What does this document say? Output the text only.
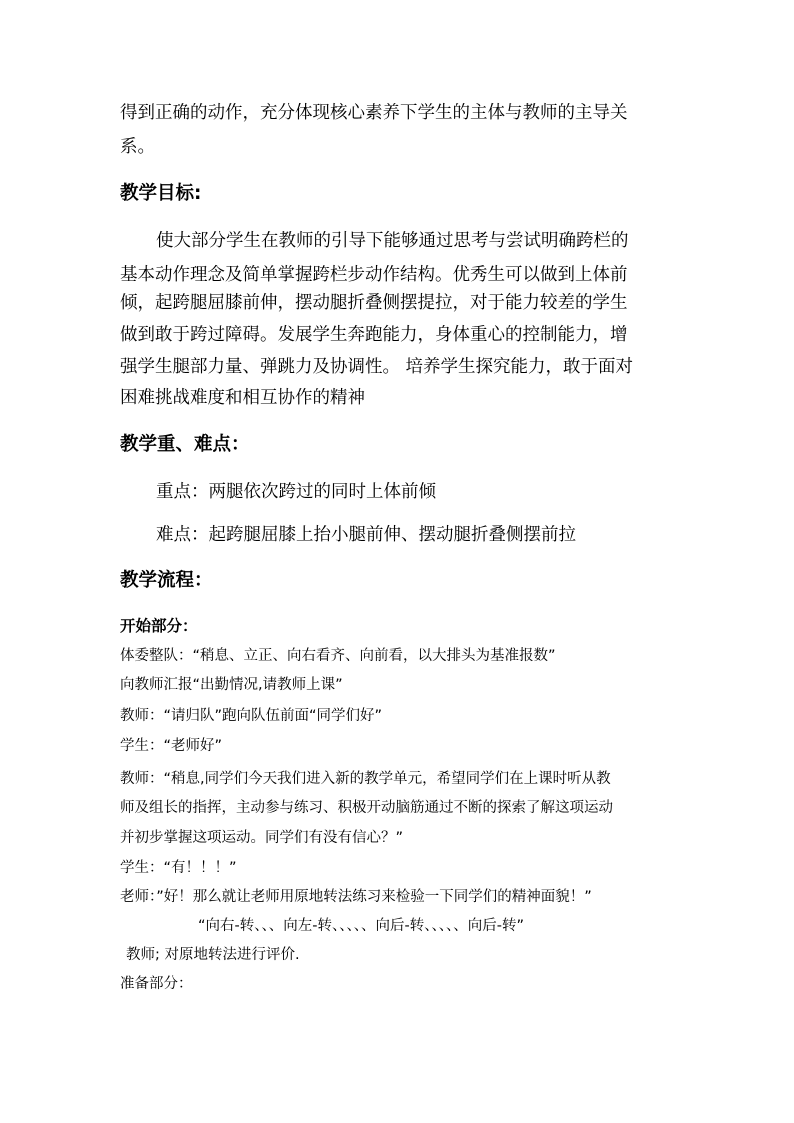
得到正确的动作，充分体现核心素养下学生的主体与教师的主导关

系。

教学目标:

使大部分学生在教师的引导下能够通过思考与尝试明确跨栏的

基本动作理念及简单掌握跨栏步动作结构。优秀生可以做到上体前

倾，起跨腿屈膝前伸，摆动腿折叠侧摆提拉，对于能力较差的学生

做到敢于跨过障碍。发展学生奔跑能力，身体重心的控制能力，增

强学生腿部力量、弹跳力及协调性。 培养学生探究能力，敢于面对

困难挑战难度和相互协作的精神

教学重、难点：

重点：两腿依次跨过的同时上体前倾

难点：起跨腿屈膝上抬小腿前伸、摆动腿折叠侧摆前拉

教学流程：
开始部分：

体委整队：“稍息、立正、向右看齐、向前看，以大排头为基准报数”

向教师汇报“出勤情况,请教师上课”

教师：“请归队”跑向队伍前面“同学们好”

学生：“老师好”

教师：“稍息,同学们今天我们进入新的教学单元，希望同学们在上课时听从教

师及组长的指挥，主动参与练习、积极开动脑筋通过不断的探索了解这项运动

并初步掌握这项运动。同学们有没有信心？”

学生：“有！！！”

老师：”好！那么就让老师用原地转法练习来检验一下同学们的精神面貌！”

“向右-转、、、向左-转、、、、、向后-转、、、、、向后-转”

教师; 对原地转法进行评价.

准备部分：
